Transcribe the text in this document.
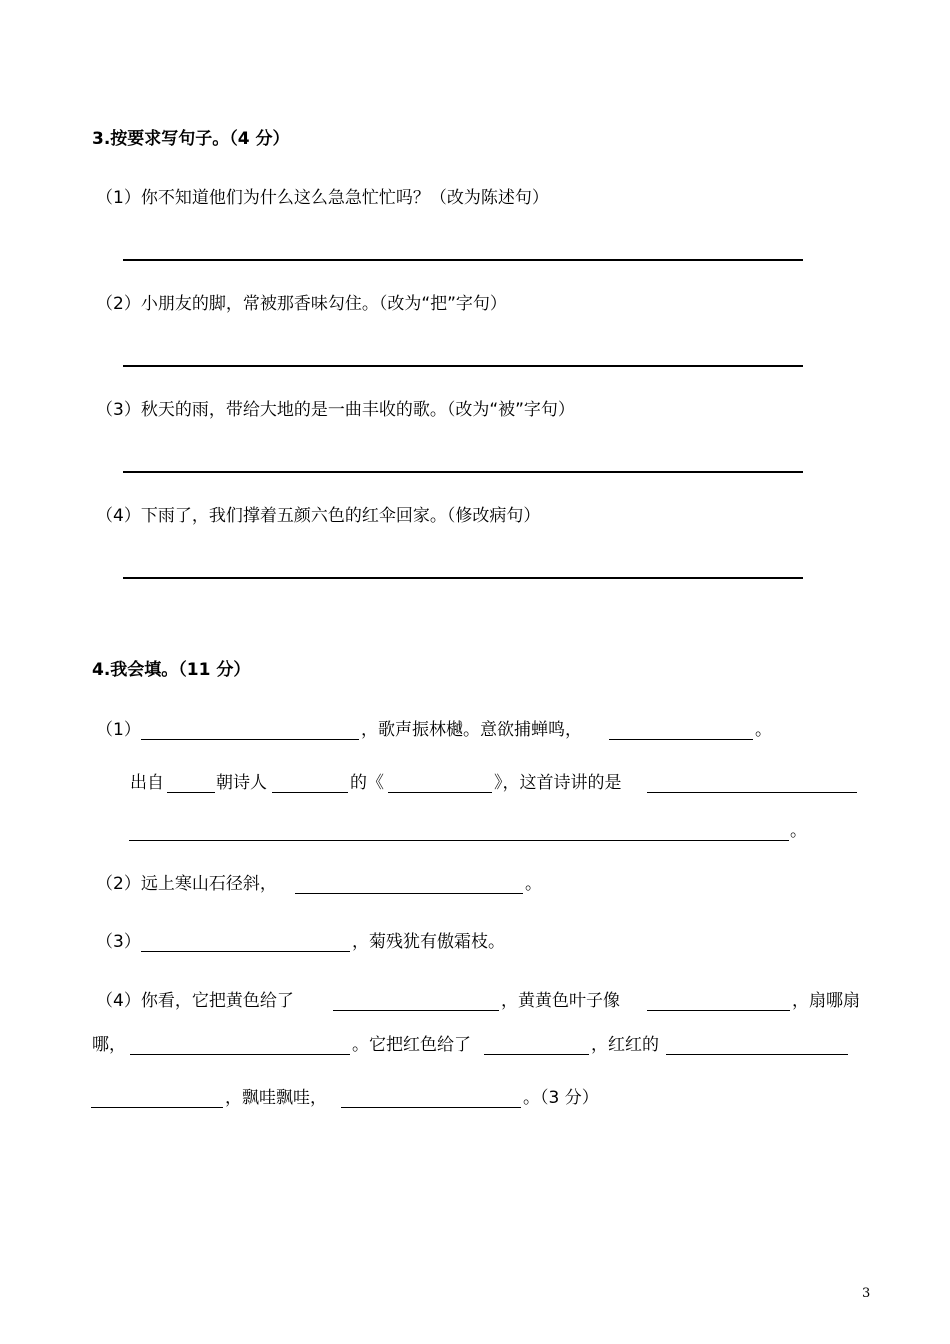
3.按要求写句子。（4 分）
（1）你不知道他们为什么这么急急忙忙吗？（改为陈述句）
（2）小朋友的脚，常被那香味勾住。（改为“把”字句）
（3）秋天的雨，带给大地的是一曲丰收的歌。（改为“被”字句）
（4）下雨了，我们撑着五颜六色的红伞回家。（修改病句）
4.我会填。（11 分）
（1）	，歌声振林樾。意欲捕蝉鸣，	。
出自	朝诗人	的《	》，这首诗讲的是
。
（2）远上寒山石径斜，	。
（3）	，菊残犹有傲霜枝。
（4）你看，它把黄色给了	，黄黄色叶子像	，扇哪扇
哪，	。它把红色给了	，红红的
，飘哇飘哇，	。（3 分）
3
